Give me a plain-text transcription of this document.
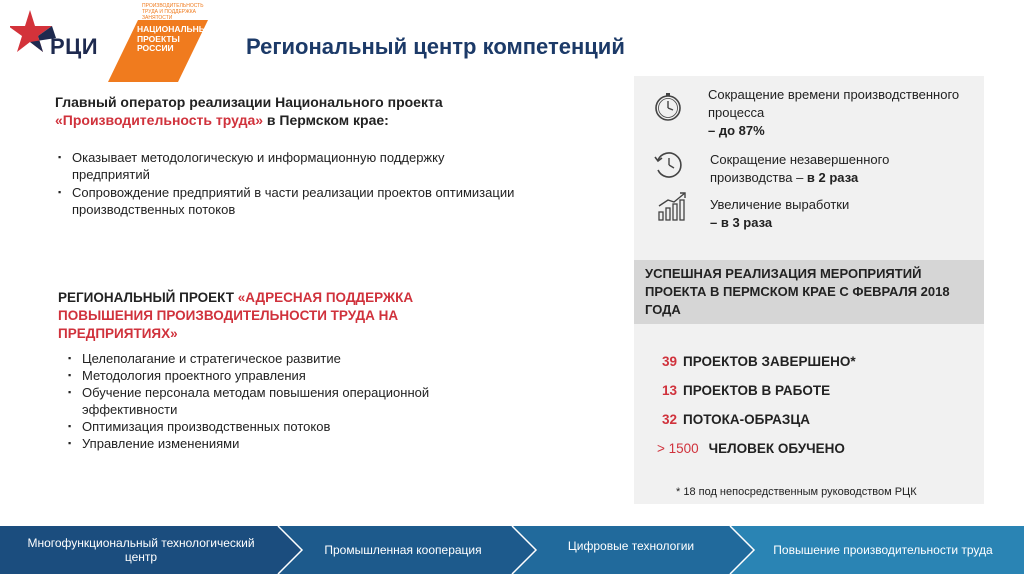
РЦИ
ПРОИЗВОДИТЕЛЬНОСТЬ ТРУДА И ПОДДЕРЖКА ЗАНЯТОСТИ
НАЦИОНАЛЬНЫЕ ПРОЕКТЫ РОССИИ	Региональный центр компетенций
Главный оператор реализации Национального проекта
«Производительность труда» в Пермском крае:
▪ Оказывает методологическую и информационную поддержку предприятий
▪ Сопровождение предприятий в части реализации проектов оптимизации производственных потоков
РЕГИОНАЛЬНЫЙ ПРОЕКТ «АДРЕСНАЯ ПОДДЕРЖКА ПОВЫШЕНИЯ ПРОИЗВОДИТЕЛЬНОСТИ ТРУДА НА ПРЕДПРИЯТИЯХ»
▪ Целеполагание и стратегическое развитие
▪ Методология проектного управления
▪ Обучение персонала методам повышения операционной эффективности
▪ Оптимизация производственных потоков
▪ Управление изменениями
Сокращение времени производственного процесса
– до 87%
Сокращение незавершенного производства – в 2 раза
Увеличение выработки
– в 3 раза
УСПЕШНАЯ РЕАЛИЗАЦИЯ МЕРОПРИЯТИЙ ПРОЕКТА В ПЕРМСКОМ КРАЕ С ФЕВРАЛЯ 2018 ГОДА
39 ПРОЕКТОВ ЗАВЕРШЕНО*
13 ПРОЕКТОВ В РАБОТЕ
32 ПОТОКА-ОБРАЗЦА
> 1500 ЧЕЛОВЕК ОБУЧЕНО
* 18 под непосредственным руководством РЦК
Многофункциональный технологический центр	Промышленная кооперация	Цифровые технологии	Повышение производительности труда
